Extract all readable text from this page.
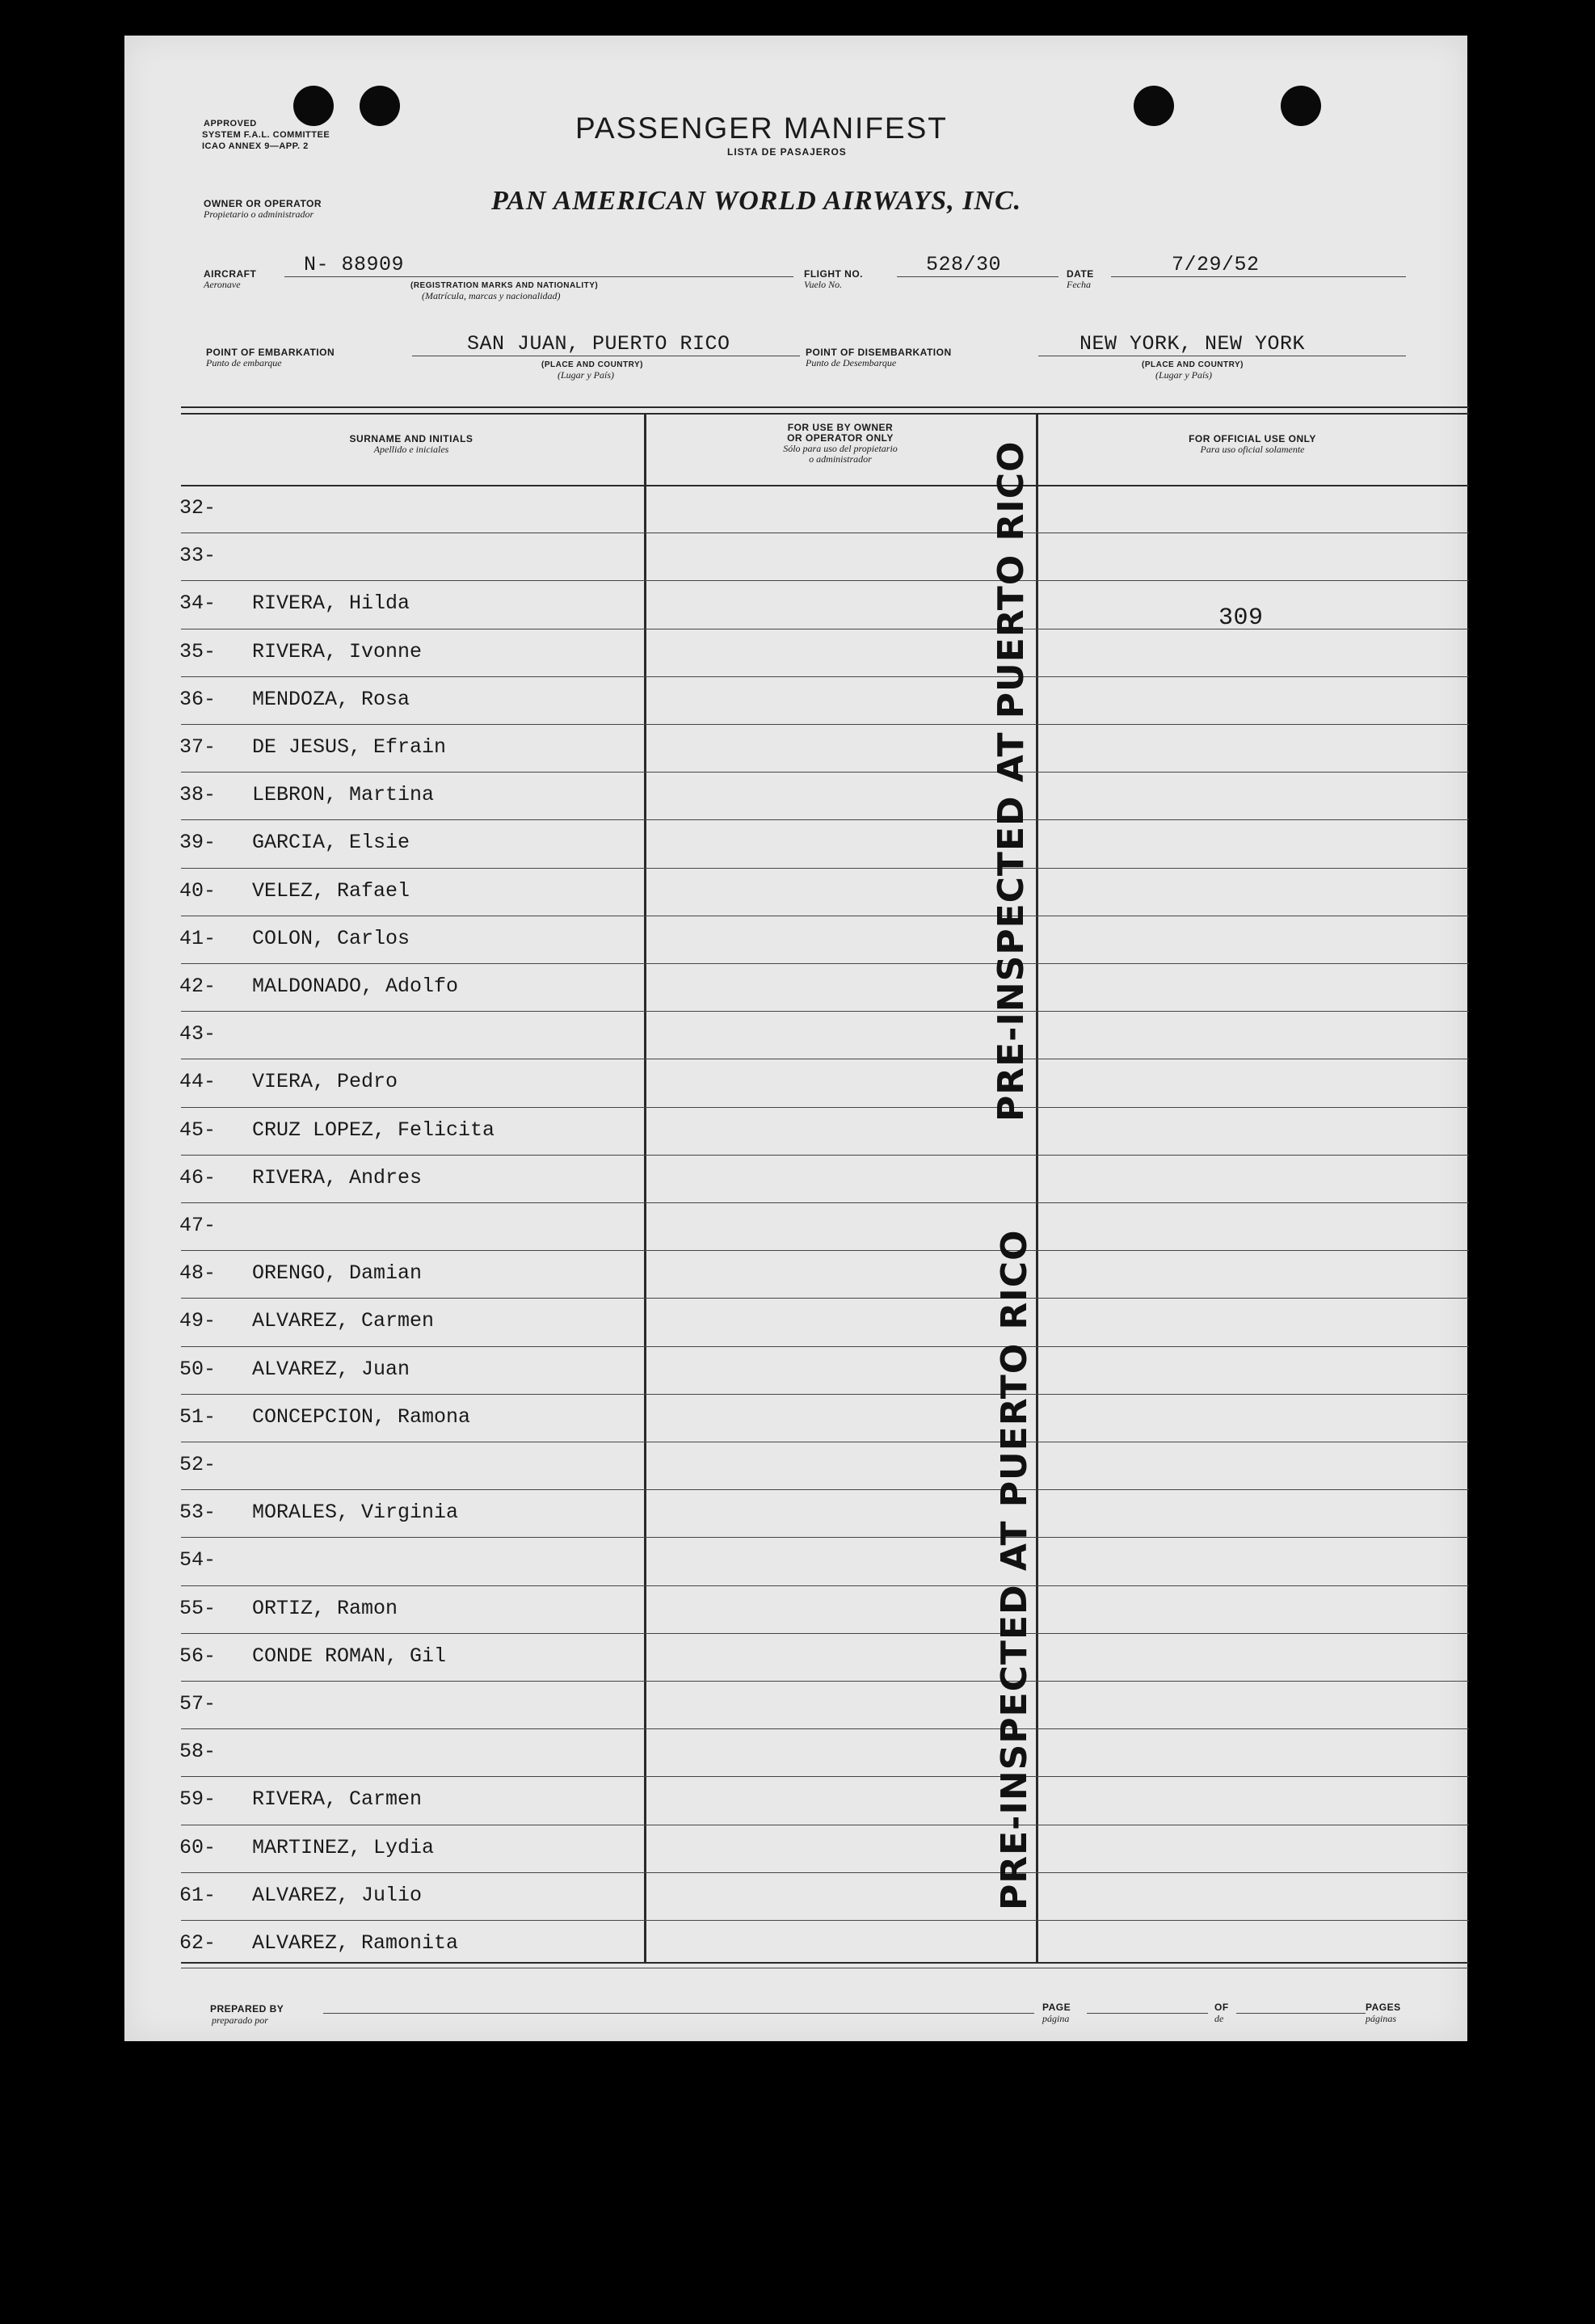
APPROVED
SYSTEM F.A.L. COMMITTEE
ICAO ANNEX 9—APP. 2
PASSENGER MANIFEST
LISTA DE PASAJEROS
OWNER OR OPERATOR
Propietario o administrador	PAN AMERICAN WORLD AIRWAYS, INC.
AIRCRAFT
Aeronave
N- 88909
(REGISTRATION MARKS AND NATIONALITY)
(Matrícula, marcas y nacionalidad)
FLIGHT NO.
Vuelo No.
528/30	DATE
Fecha
7/29/52
POINT OF EMBARKATION
Punto de embarque
SAN JUAN, PUERTO RICO
(PLACE AND COUNTRY)
(Lugar y País)
POINT OF DISEMBARKATION
Punto de Desembarque
NEW YORK, NEW YORK
(PLACE AND COUNTRY)
(Lugar y País)
SURNAME AND INITIALS
Apellido e iniciales
FOR USE BY OWNER
OR OPERATOR ONLY
Sólo para uso del propietario
o administrador
FOR OFFICIAL USE ONLY
Para uso oficial solamente
32-
33-
34- RIVERA, Hilda
35- RIVERA, Ivonne
36- MENDOZA, Rosa
37- DE JESUS, Efrain
38- LEBRON, Martina
39- GARCIA, Elsie
40- VELEZ, Rafael
41- COLON, Carlos
42- MALDONADO, Adolfo
43-
44- VIERA, Pedro
45- CRUZ LOPEZ, Felicita
46- RIVERA, Andres
47-
48- ORENGO, Damian
49- ALVAREZ, Carmen
50- ALVAREZ, Juan
51- CONCEPCION, Ramona
52-
53- MORALES, Virginia
54-
55- ORTIZ, Ramon
56- CONDE ROMAN, Gil
57-
58-
59- RIVERA, Carmen
60- MARTINEZ, Lydia
61- ALVAREZ, Julio
62- ALVAREZ, Ramonita
309
PRE-INSPECTED AT PUERTO RICO
PRE-INSPECTED AT PUERTO RICO
PREPARED BY
preparado por
PAGE
página
OF
de
PAGES
páginas
